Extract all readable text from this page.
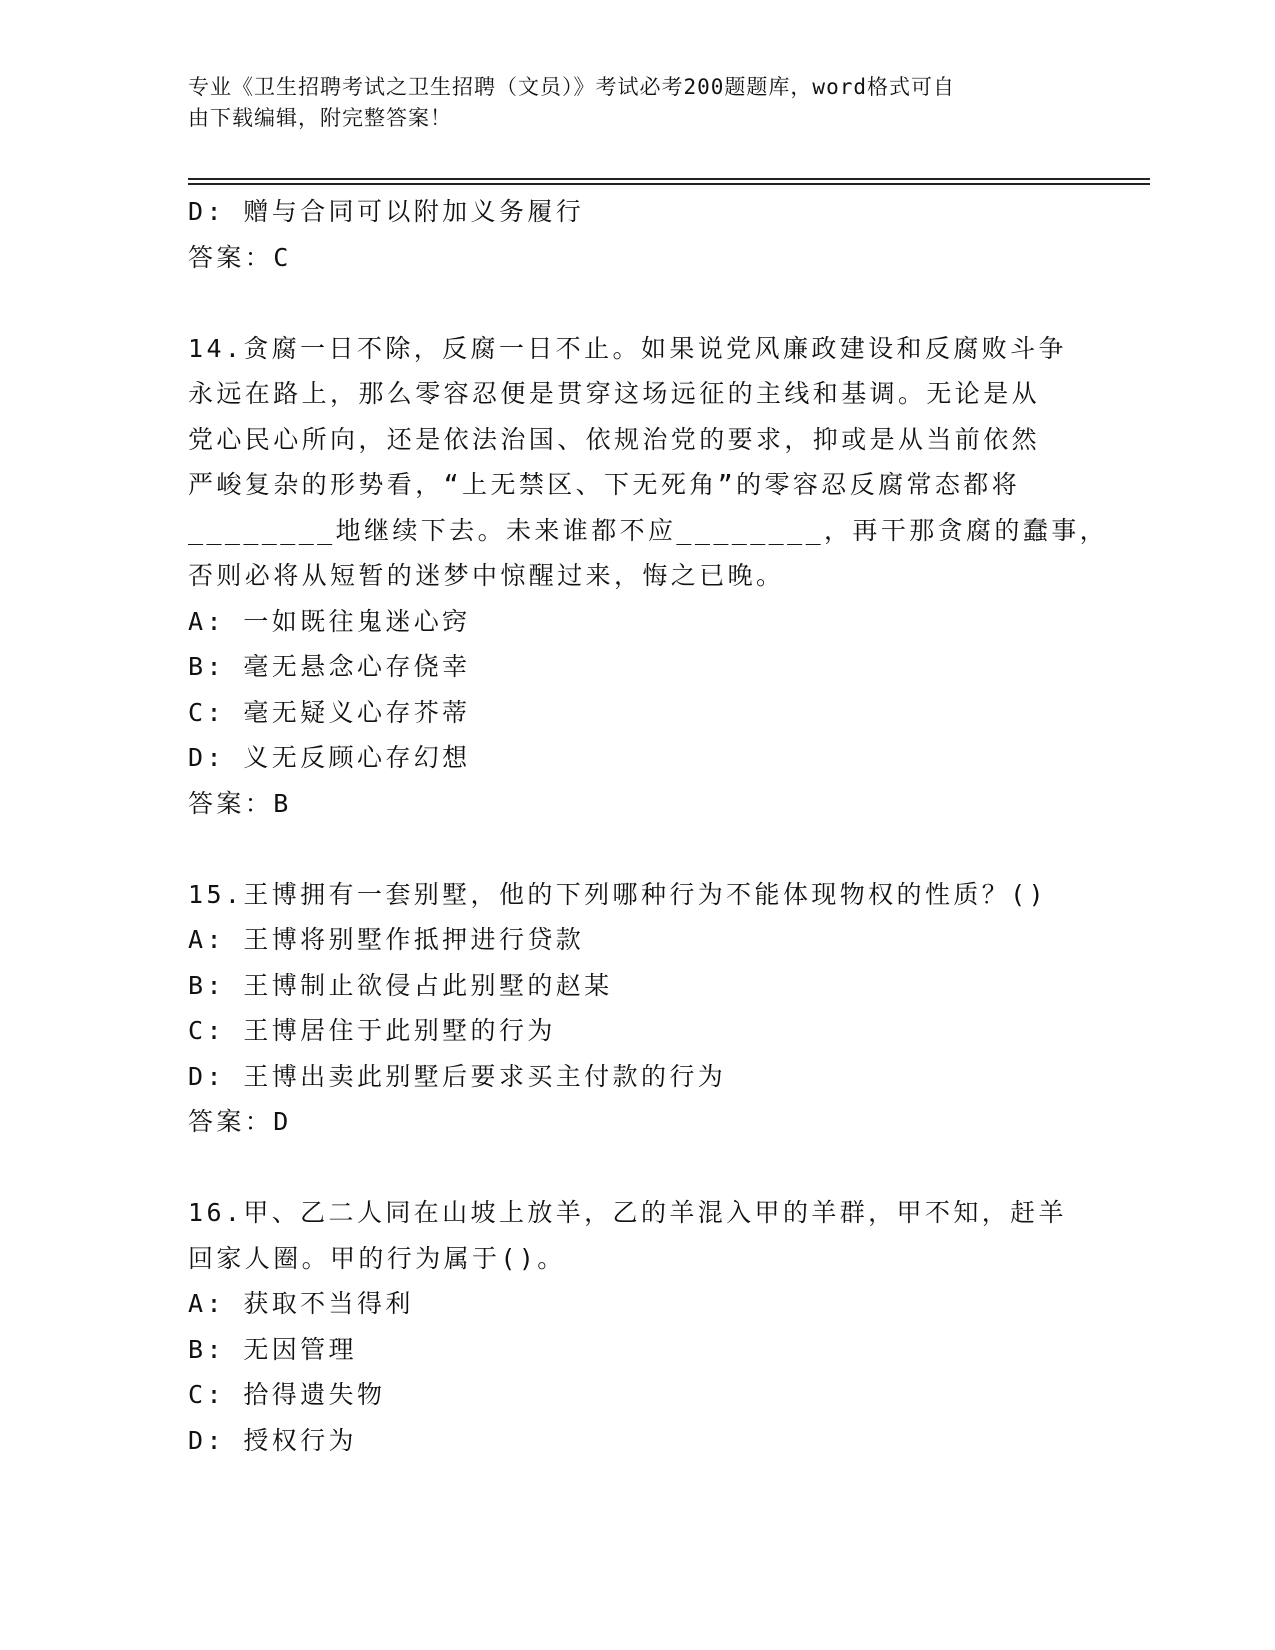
专业《卫生招聘考试之卫生招聘（文员）》考试必考200题题库，word格式可自
由下载编辑，附完整答案！
D: 赠与合同可以附加义务履行
答案：C
14.贪腐一日不除，反腐一日不止。如果说党风廉政建设和反腐败斗争
永远在路上，那么零容忍便是贯穿这场远征的主线和基调。无论是从
党心民心所向，还是依法治国、依规治党的要求，抑或是从当前依然
严峻复杂的形势看，“上无禁区、下无死角”的零容忍反腐常态都将
________地继续下去。未来谁都不应________，再干那贪腐的蠢事，
否则必将从短暂的迷梦中惊醒过来，悔之已晚。
A: 一如既往鬼迷心窍
B: 毫无悬念心存侥幸
C: 毫无疑义心存芥蒂
D: 义无反顾心存幻想
答案：B
15.王博拥有一套别墅，他的下列哪种行为不能体现物权的性质？()
A: 王博将别墅作抵押进行贷款
B: 王博制止欲侵占此别墅的赵某
C: 王博居住于此别墅的行为
D: 王博出卖此别墅后要求买主付款的行为
答案：D
16.甲、乙二人同在山坡上放羊，乙的羊混入甲的羊群，甲不知，赶羊
回家人圈。甲的行为属于()。
A: 获取不当得利
B: 无因管理
C: 拾得遗失物
D: 授权行为
